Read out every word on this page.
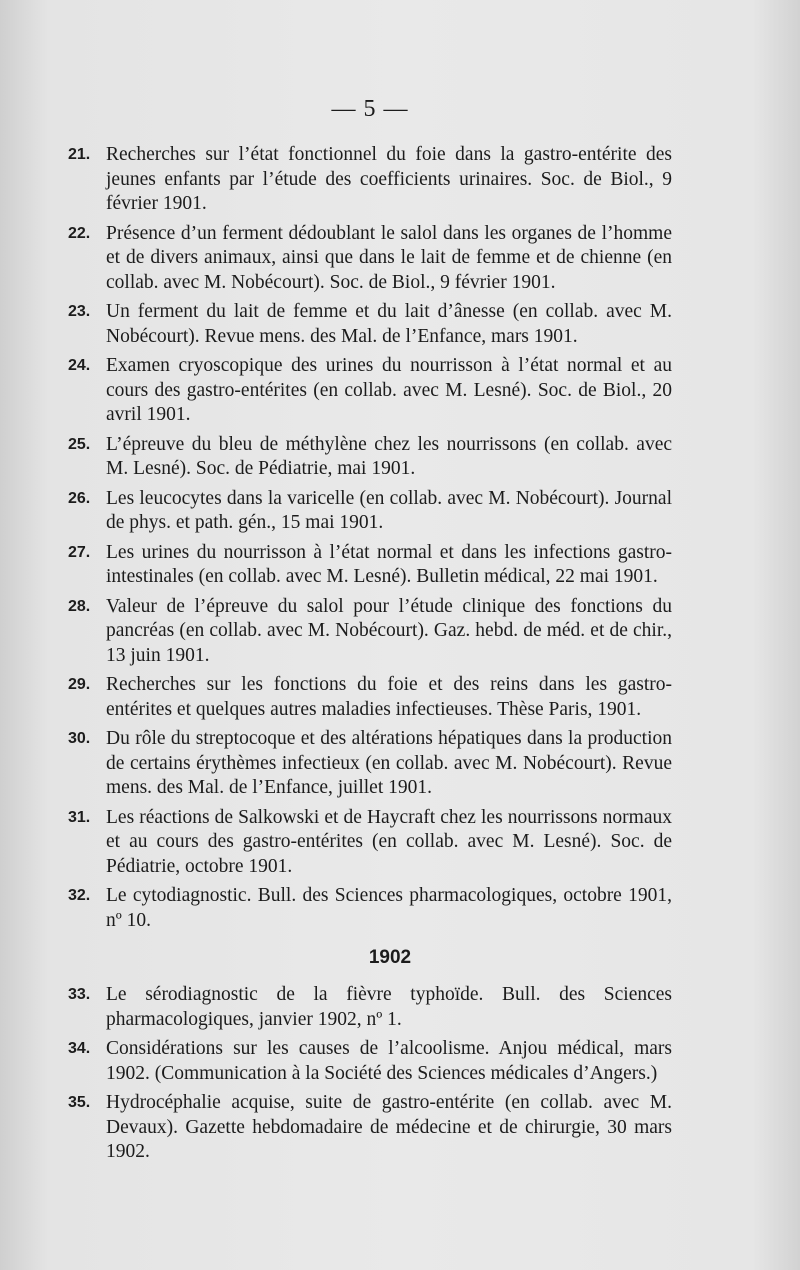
— 5 —
21. Recherches sur l’état fonctionnel du foie dans la gastro-entérite des jeunes enfants par l’étude des coefficients urinaires. Soc. de Biol., 9 février 1901.
22. Présence d’un ferment dédoublant le salol dans les organes de l’homme et de divers animaux, ainsi que dans le lait de femme et de chienne (en collab. avec M. Nobécourt). Soc. de Biol., 9 février 1901.
23. Un ferment du lait de femme et du lait d’ânesse (en collab. avec M. Nobécourt). Revue mens. des Mal. de l’Enfance, mars 1901.
24. Examen cryoscopique des urines du nourrisson à l’état normal et au cours des gastro-entérites (en collab. avec M. Lesné). Soc. de Biol., 20 avril 1901.
25. L’épreuve du bleu de méthylène chez les nourrissons (en collab. avec M. Lesné). Soc. de Pédiatrie, mai 1901.
26. Les leucocytes dans la varicelle (en collab. avec M. Nobécourt). Journal de phys. et path. gén., 15 mai 1901.
27. Les urines du nourrisson à l’état normal et dans les infections gastro-intestinales (en collab. avec M. Lesné). Bulletin médical, 22 mai 1901.
28. Valeur de l’épreuve du salol pour l’étude clinique des fonctions du pancréas (en collab. avec M. Nobécourt). Gaz. hebd. de méd. et de chir., 13 juin 1901.
29. Recherches sur les fonctions du foie et des reins dans les gastro-entérites et quelques autres maladies infectieuses. Thèse Paris, 1901.
30. Du rôle du streptocoque et des altérations hépatiques dans la production de certains érythèmes infectieux (en collab. avec M. Nobécourt). Revue mens. des Mal. de l’Enfance, juillet 1901.
31. Les réactions de Salkowski et de Haycraft chez les nourrissons normaux et au cours des gastro-entérites (en collab. avec M. Lesné). Soc. de Pédiatrie, octobre 1901.
32. Le cytodiagnostic. Bull. des Sciences pharmacologiques, octobre 1901, nº 10.
1902
33. Le sérodiagnostic de la fièvre typhoïde. Bull. des Sciences pharmacologiques, janvier 1902, nº 1.
34. Considérations sur les causes de l’alcoolisme. Anjou médical, mars 1902. (Communication à la Société des Sciences médicales d’Angers.)
35. Hydrocéphalie acquise, suite de gastro-entérite (en collab. avec M. Devaux). Gazette hebdomadaire de médecine et de chirurgie, 30 mars 1902.
